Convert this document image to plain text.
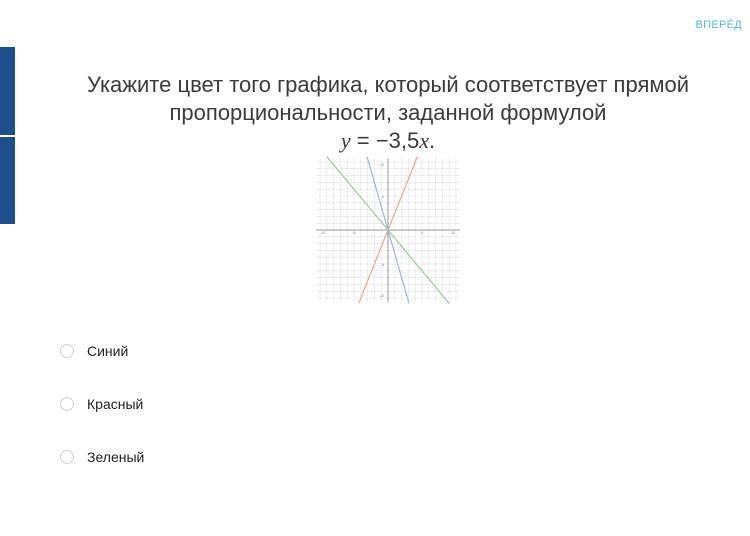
ВПЕРЁД
Укажите цвет того графика, который соответствует прямой
пропорциональности, заданной формулой
y = −3,5x.
-10	-5	5	10
10
5
-5
-10
Синий
Красный
Зеленый
